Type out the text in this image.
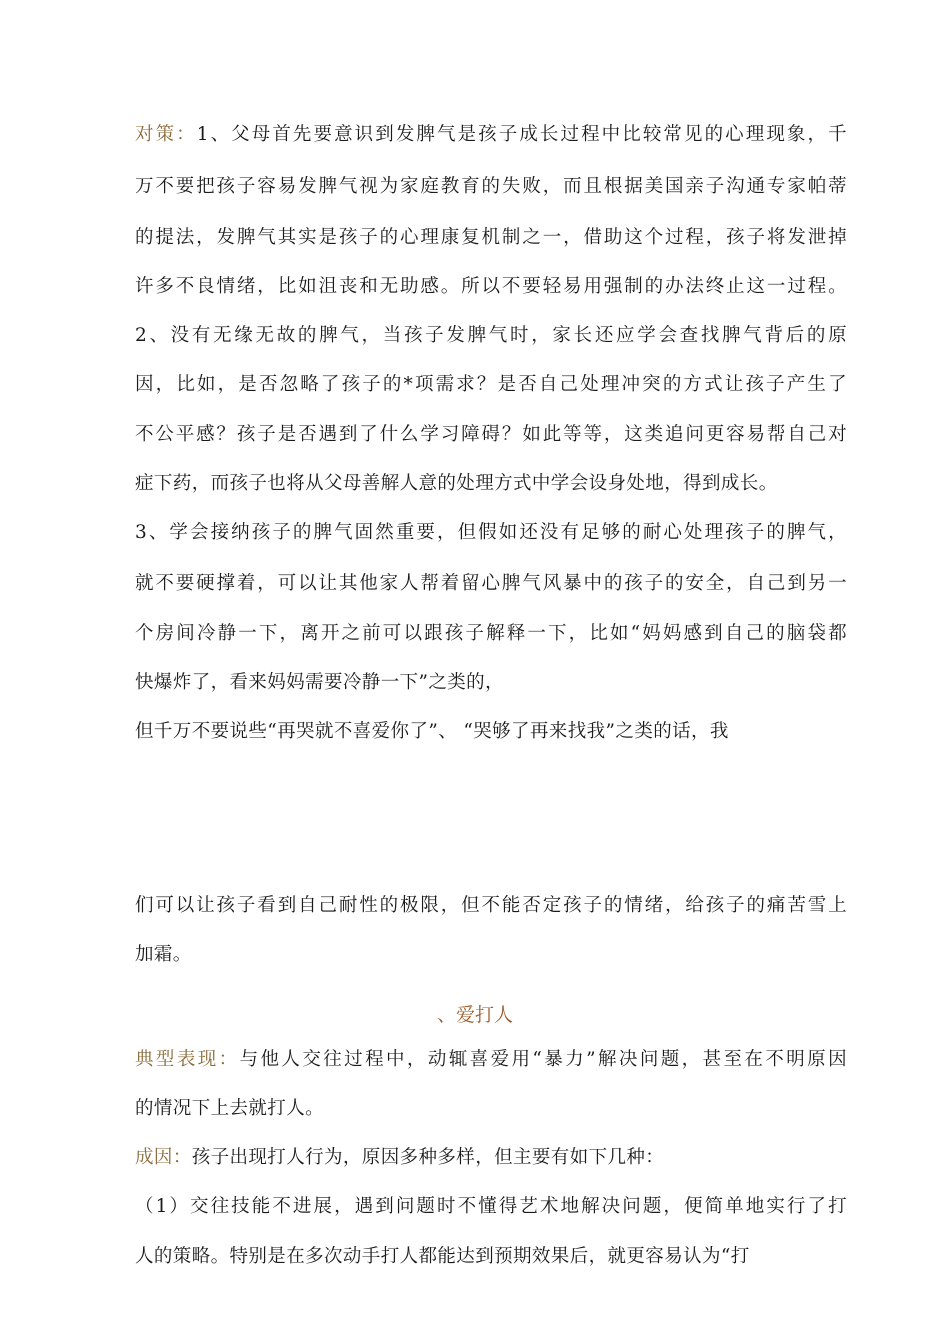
对策：1、父母首先要意识到发脾气是孩子成长过程中比较常见的心理现象，千
万不要把孩子容易发脾气视为家庭教育的失败，而且根据美国亲子沟通专家帕蒂
的提法，发脾气其实是孩子的心理康复机制之一，借助这个过程，孩子将发泄掉
许多不良情绪，比如沮丧和无助感。所以不要轻易用强制的办法终止这一过程。
2、没有无缘无故的脾气，当孩子发脾气时，家长还应学会查找脾气背后的原
因，比如，是否忽略了孩子的*项需求？是否自己处理冲突的方式让孩子产生了
不公平感？孩子是否遇到了什么学习障碍？如此等等，这类追问更容易帮自己对
症下药，而孩子也将从父母善解人意的处理方式中学会设身处地，得到成长。
3、学会接纳孩子的脾气固然重要，但假如还没有足够的耐心处理孩子的脾气，
就不要硬撑着，可以让其他家人帮着留心脾气风暴中的孩子的安全，自己到另一
个房间冷静一下，离开之前可以跟孩子解释一下，比如“妈妈感到自己的脑袋都
快爆炸了，看来妈妈需要冷静一下”之类的，
但千万不要说些“再哭就不喜爱你了”、 “哭够了再来找我”之类的话，我
们可以让孩子看到自己耐性的极限，但不能否定孩子的情绪，给孩子的痛苦雪上
加霜。
、爱打人
典型表现：与他人交往过程中，动辄喜爱用“暴力”解决问题，甚至在不明原因
的情况下上去就打人。
成因：孩子出现打人行为，原因多种多样，但主要有如下几种：
（1）交往技能不进展，遇到问题时不懂得艺术地解决问题，便简单地实行了打
人的策略。特别是在多次动手打人都能达到预期效果后，就更容易认为“打
